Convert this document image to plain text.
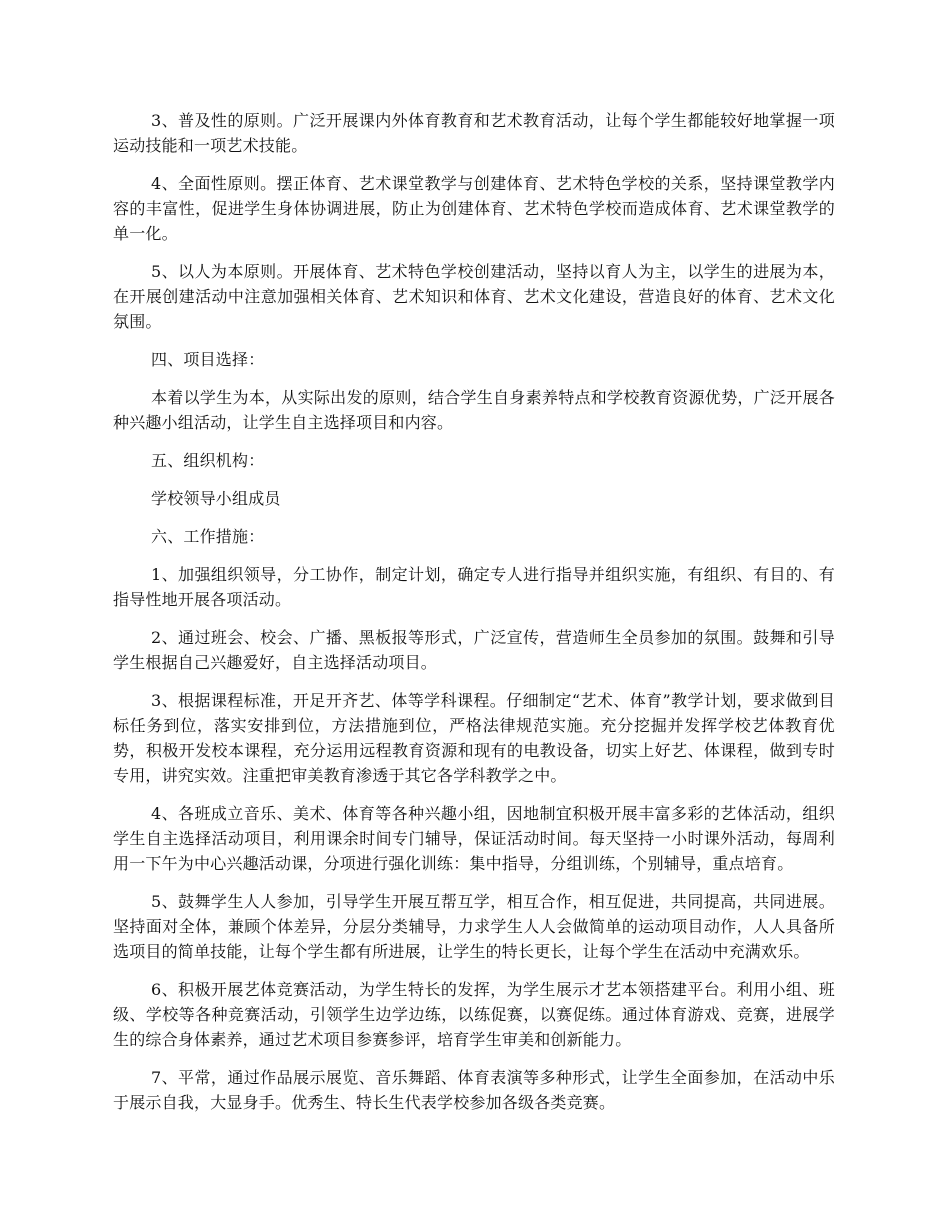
3、普及性的原则。广泛开展课内外体育教育和艺术教育活动，让每个学生都能较好地掌握一项运动技能和一项艺术技能。

4、全面性原则。摆正体育、艺术课堂教学与创建体育、艺术特色学校的关系，坚持课堂教学内容的丰富性，促进学生身体协调进展，防止为创建体育、艺术特色学校而造成体育、艺术课堂教学的单一化。

5、以人为本原则。开展体育、艺术特色学校创建活动，坚持以育人为主，以学生的进展为本，在开展创建活动中注意加强相关体育、艺术知识和体育、艺术文化建设，营造良好的体育、艺术文化氛围。

四、项目选择：

本着以学生为本，从实际出发的原则，结合学生自身素养特点和学校教育资源优势，广泛开展各种兴趣小组活动，让学生自主选择项目和内容。

五、组织机构：

学校领导小组成员

六、工作措施：

1、加强组织领导，分工协作，制定计划，确定专人进行指导并组织实施，有组织、有目的、有指导性地开展各项活动。

2、通过班会、校会、广播、黑板报等形式，广泛宣传，营造师生全员参加的氛围。鼓舞和引导学生根据自己兴趣爱好，自主选择活动项目。

3、根据课程标准，开足开齐艺、体等学科课程。仔细制定“艺术、体育”教学计划，要求做到目标任务到位，落实安排到位，方法措施到位，严格法律规范实施。充分挖掘并发挥学校艺体教育优势，积极开发校本课程，充分运用远程教育资源和现有的电教设备，切实上好艺、体课程，做到专时专用，讲究实效。注重把审美教育渗透于其它各学科教学之中。

4、各班成立音乐、美术、体育等各种兴趣小组，因地制宜积极开展丰富多彩的艺体活动，组织学生自主选择活动项目，利用课余时间专门辅导，保证活动时间。每天坚持一小时课外活动，每周利用一下午为中心兴趣活动课，分项进行强化训练：集中指导，分组训练，个别辅导，重点培育。

5、鼓舞学生人人参加，引导学生开展互帮互学，相互合作，相互促进，共同提高，共同进展。坚持面对全体，兼顾个体差异，分层分类辅导，力求学生人人会做简单的运动项目动作，人人具备所选项目的简单技能，让每个学生都有所进展，让学生的特长更长，让每个学生在活动中充满欢乐。

6、积极开展艺体竞赛活动，为学生特长的发挥，为学生展示才艺本领搭建平台。利用小组、班级、学校等各种竞赛活动，引领学生边学边练，以练促赛，以赛促练。通过体育游戏、竞赛，进展学生的综合身体素养，通过艺术项目参赛参评，培育学生审美和创新能力。

7、平常，通过作品展示展览、音乐舞蹈、体育表演等多种形式，让学生全面参加，在活动中乐于展示自我，大显身手。优秀生、特长生代表学校参加各级各类竞赛。
